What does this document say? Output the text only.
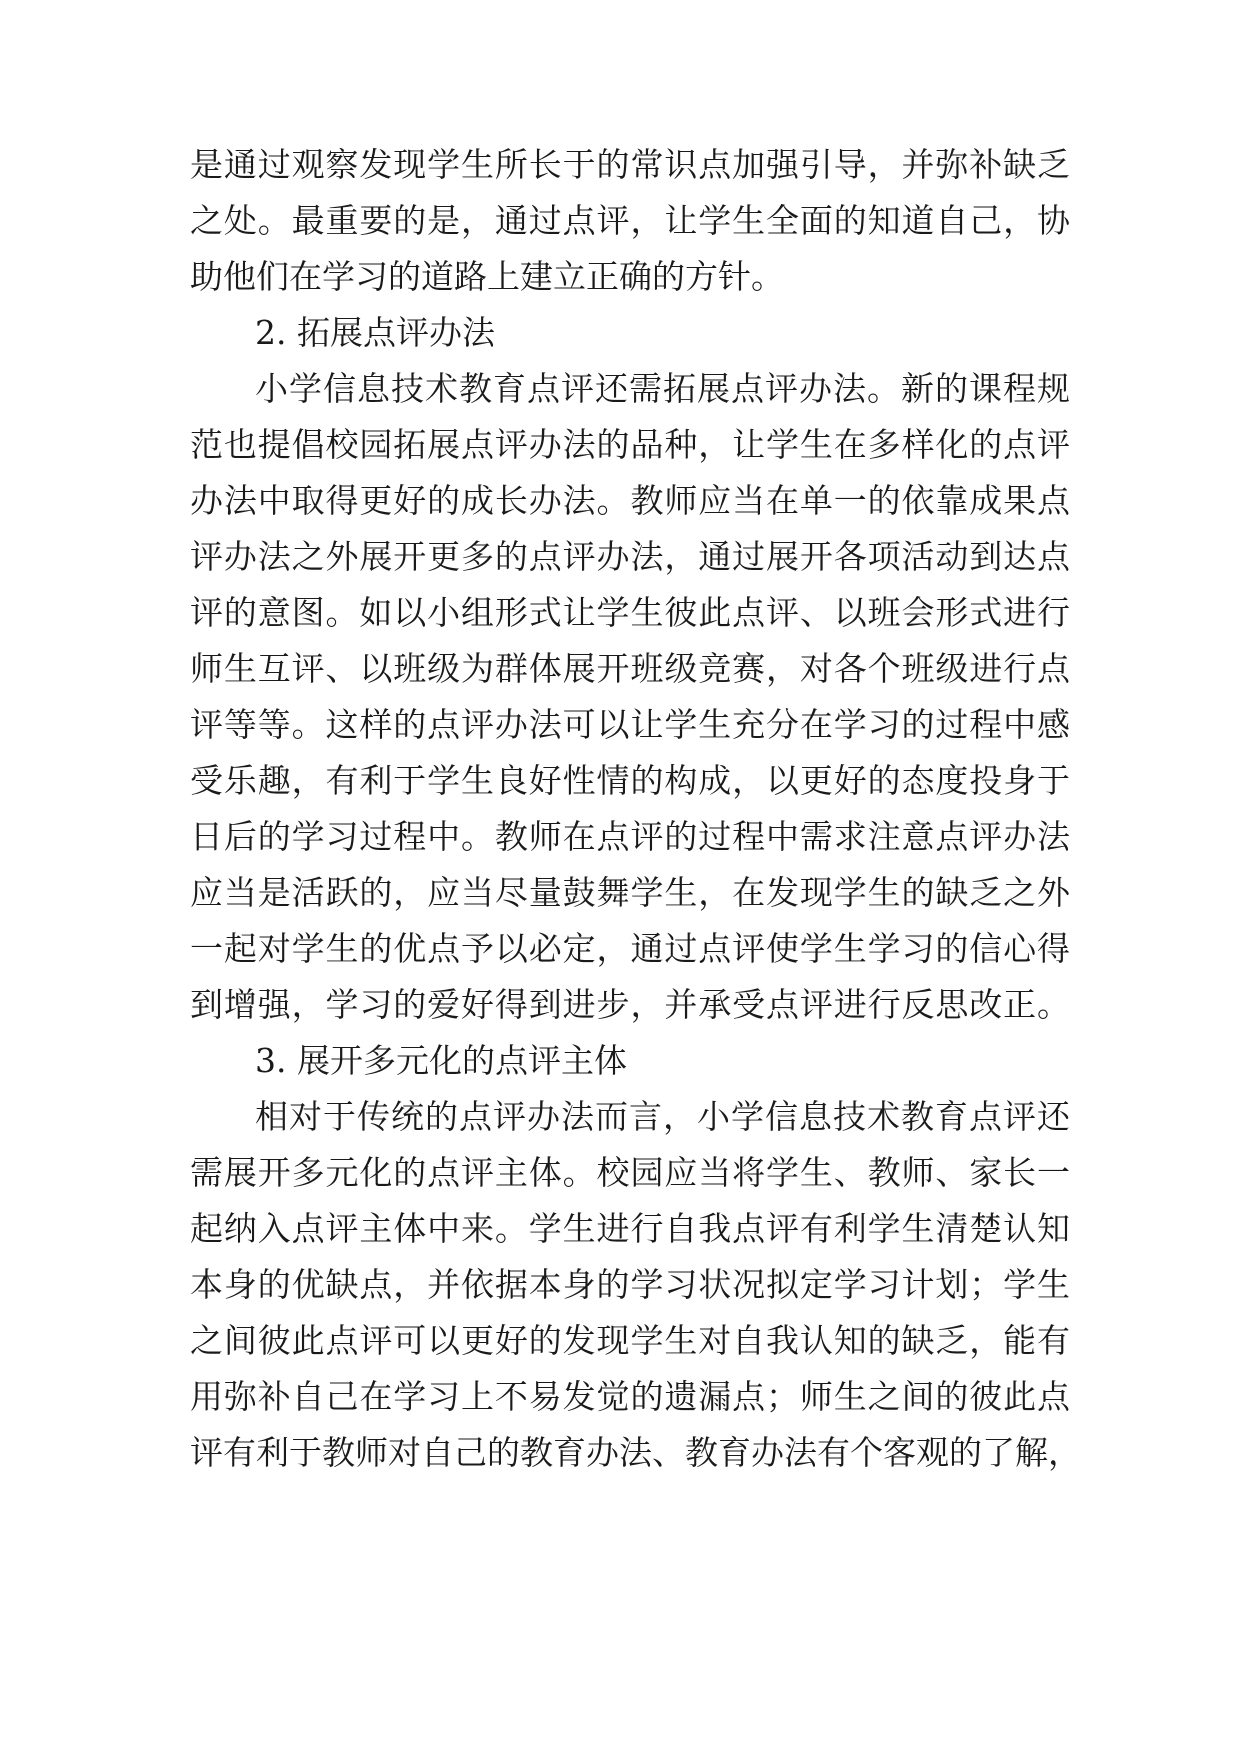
是通过观察发现学生所长于的常识点加强引导，并弥补缺乏
之处。最重要的是，通过点评，让学生全面的知道自己，协
助他们在学习的道路上建立正确的方针。
2. 拓展点评办法
小学信息技术教育点评还需拓展点评办法。新的课程规
范也提倡校园拓展点评办法的品种，让学生在多样化的点评
办法中取得更好的成长办法。教师应当在单一的依靠成果点
评办法之外展开更多的点评办法，通过展开各项活动到达点
评的意图。如以小组形式让学生彼此点评、以班会形式进行
师生互评、以班级为群体展开班级竞赛，对各个班级进行点
评等等。这样的点评办法可以让学生充分在学习的过程中感
受乐趣，有利于学生良好性情的构成，以更好的态度投身于
日后的学习过程中。教师在点评的过程中需求注意点评办法
应当是活跃的，应当尽量鼓舞学生，在发现学生的缺乏之外
一起对学生的优点予以必定，通过点评使学生学习的信心得
到增强，学习的爱好得到进步，并承受点评进行反思改正。
3. 展开多元化的点评主体
相对于传统的点评办法而言，小学信息技术教育点评还
需展开多元化的点评主体。校园应当将学生、教师、家长一
起纳入点评主体中来。学生进行自我点评有利学生清楚认知
本身的优缺点，并依据本身的学习状况拟定学习计划；学生
之间彼此点评可以更好的发现学生对自我认知的缺乏，能有
用弥补自己在学习上不易发觉的遗漏点；师生之间的彼此点
评有利于教师对自己的教育办法、教育办法有个客观的了解，
